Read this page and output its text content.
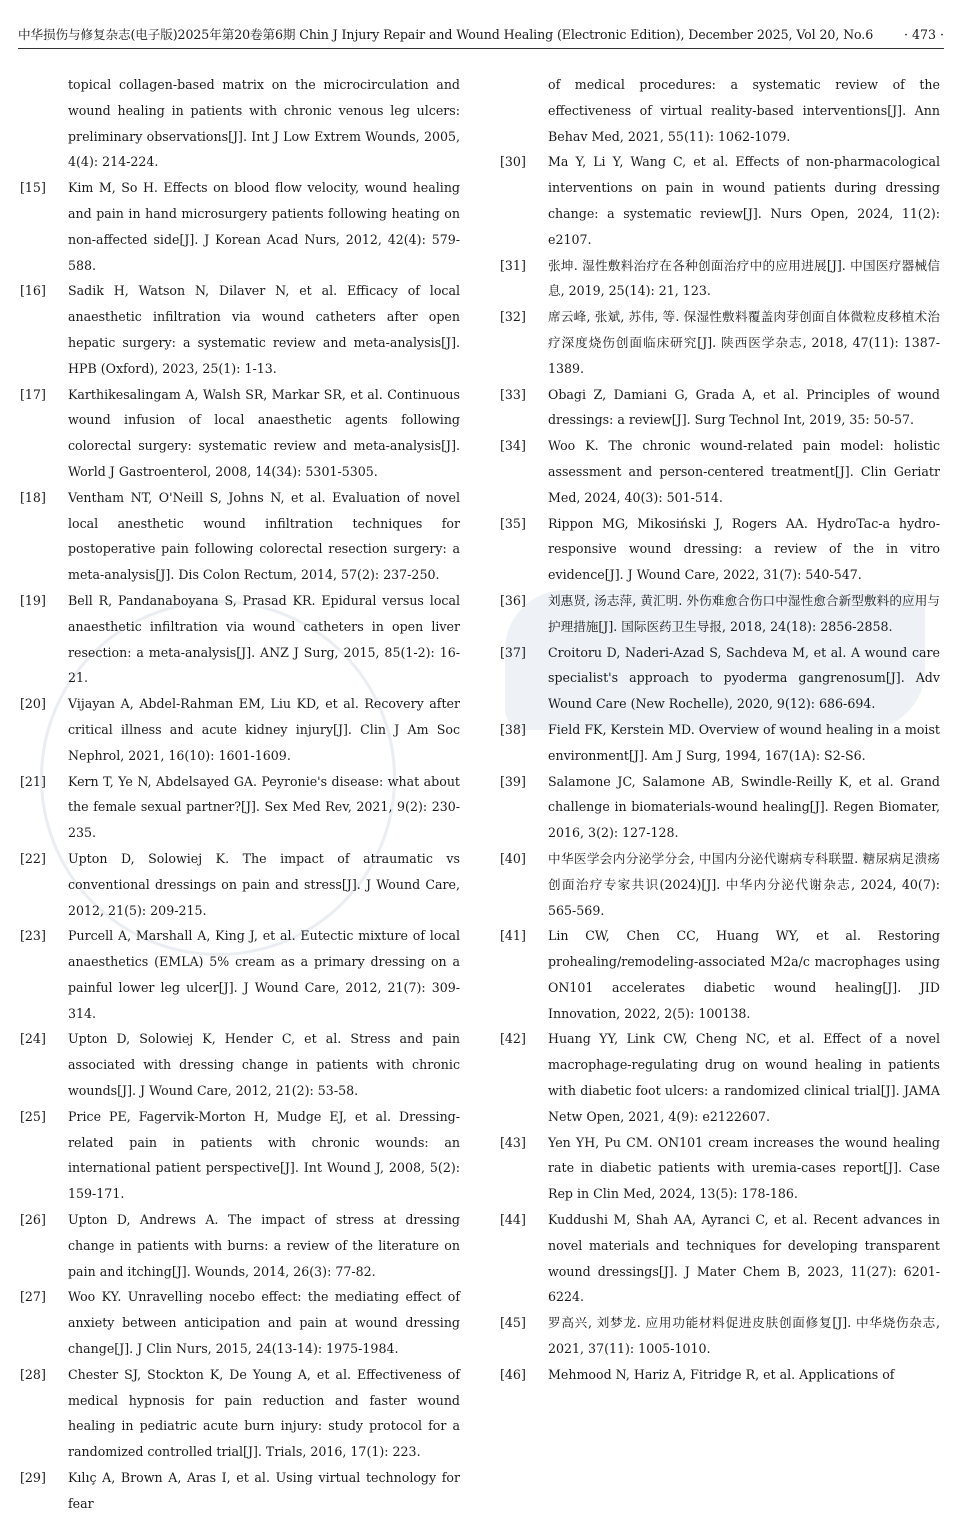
中华损伤与修复杂志(电子版)2025年第20卷第6期 Chin J Injury Repair and Wound Healing (Electronic Edition), December 2025, Vol 20, No.6 · 473 ·
topical collagen-based matrix on the microcirculation and wound healing in patients with chronic venous leg ulcers: preliminary observations[J]. Int J Low Extrem Wounds, 2005, 4(4): 214-224.
[15]	Kim M, So H. Effects on blood flow velocity, wound healing and pain in hand microsurgery patients following heating on non-affected side[J]. J Korean Acad Nurs, 2012, 42(4): 579-588.
[16]	Sadik H, Watson N, Dilaver N, et al. Efficacy of local anaesthetic infiltration via wound catheters after open hepatic surgery: a systematic review and meta-analysis[J]. HPB (Oxford), 2023, 25(1): 1-13.
[17]	Karthikesalingam A, Walsh SR, Markar SR, et al. Continuous wound infusion of local anaesthetic agents following colorectal surgery: systematic review and meta-analysis[J]. World J Gastroenterol, 2008, 14(34): 5301-5305.
[18]	Ventham NT, O'Neill S, Johns N, et al. Evaluation of novel local anesthetic wound infiltration techniques for postoperative pain following colorectal resection surgery: a meta-analysis[J]. Dis Colon Rectum, 2014, 57(2): 237-250.
[19]	Bell R, Pandanaboyana S, Prasad KR. Epidural versus local anaesthetic infiltration via wound catheters in open liver resection: a meta-analysis[J]. ANZ J Surg, 2015, 85(1-2): 16-21.
[20]	Vijayan A, Abdel-Rahman EM, Liu KD, et al. Recovery after critical illness and acute kidney injury[J]. Clin J Am Soc Nephrol, 2021, 16(10): 1601-1609.
[21]	Kern T, Ye N, Abdelsayed GA. Peyronie's disease: what about the female sexual partner?[J]. Sex Med Rev, 2021, 9(2): 230-235.
[22]	Upton D, Solowiej K. The impact of atraumatic vs conventional dressings on pain and stress[J]. J Wound Care, 2012, 21(5): 209-215.
[23]	Purcell A, Marshall A, King J, et al. Eutectic mixture of local anaesthetics (EMLA) 5% cream as a primary dressing on a painful lower leg ulcer[J]. J Wound Care, 2012, 21(7): 309-314.
[24]	Upton D, Solowiej K, Hender C, et al. Stress and pain associated with dressing change in patients with chronic wounds[J]. J Wound Care, 2012, 21(2): 53-58.
[25]	Price PE, Fagervik-Morton H, Mudge EJ, et al. Dressing-related pain in patients with chronic wounds: an international patient perspective[J]. Int Wound J, 2008, 5(2): 159-171.
[26]	Upton D, Andrews A. The impact of stress at dressing change in patients with burns: a review of the literature on pain and itching[J]. Wounds, 2014, 26(3): 77-82.
[27]	Woo KY. Unravelling nocebo effect: the mediating effect of anxiety between anticipation and pain at wound dressing change[J]. J Clin Nurs, 2015, 24(13-14): 1975-1984.
[28]	Chester SJ, Stockton K, De Young A, et al. Effectiveness of medical hypnosis for pain reduction and faster wound healing in pediatric acute burn injury: study protocol for a randomized controlled trial[J]. Trials, 2016, 17(1): 223.
[29]	Kılıç A, Brown A, Aras I, et al. Using virtual technology for fear
of medical procedures: a systematic review of the effectiveness of virtual reality-based interventions[J]. Ann Behav Med, 2021, 55(11): 1062-1079.
[30]	Ma Y, Li Y, Wang C, et al. Effects of non-pharmacological interventions on pain in wound patients during dressing change: a systematic review[J]. Nurs Open, 2024, 11(2): e2107.
[31]	张坤. 湿性敷料治疗在各种创面治疗中的应用进展[J]. 中国医疗器械信息, 2019, 25(14): 21, 123.
[32]	席云峰, 张斌, 苏伟, 等. 保湿性敷料覆盖肉芽创面自体微粒皮移植术治疗深度烧伤创面临床研究[J]. 陕西医学杂志, 2018, 47(11): 1387-1389.
[33]	Obagi Z, Damiani G, Grada A, et al. Principles of wound dressings: a review[J]. Surg Technol Int, 2019, 35: 50-57.
[34]	Woo K. The chronic wound-related pain model: holistic assessment and person-centered treatment[J]. Clin Geriatr Med, 2024, 40(3): 501-514.
[35]	Rippon MG, Mikosiński J, Rogers AA. HydroTac-a hydro-responsive wound dressing: a review of the in vitro evidence[J]. J Wound Care, 2022, 31(7): 540-547.
[36]	刘惠贤, 汤志萍, 黄汇明. 外伤难愈合伤口中湿性愈合新型敷料的应用与护理措施[J]. 国际医药卫生导报, 2018, 24(18): 2856-2858.
[37]	Croitoru D, Naderi-Azad S, Sachdeva M, et al. A wound care specialist's approach to pyoderma gangrenosum[J]. Adv Wound Care (New Rochelle), 2020, 9(12): 686-694.
[38]	Field FK, Kerstein MD. Overview of wound healing in a moist environment[J]. Am J Surg, 1994, 167(1A): S2-S6.
[39]	Salamone JC, Salamone AB, Swindle-Reilly K, et al. Grand challenge in biomaterials-wound healing[J]. Regen Biomater, 2016, 3(2): 127-128.
[40]	中华医学会内分泌学分会, 中国内分泌代谢病专科联盟. 糖尿病足溃疡创面治疗专家共识(2024)[J]. 中华内分泌代谢杂志, 2024, 40(7): 565-569.
[41]	Lin CW, Chen CC, Huang WY, et al. Restoring prohealing/remodeling-associated M2a/c macrophages using ON101 accelerates diabetic wound healing[J]. JID Innovation, 2022, 2(5): 100138.
[42]	Huang YY, Link CW, Cheng NC, et al. Effect of a novel macrophage-regulating drug on wound healing in patients with diabetic foot ulcers: a randomized clinical trial[J]. JAMA Netw Open, 2021, 4(9): e2122607.
[43]	Yen YH, Pu CM. ON101 cream increases the wound healing rate in diabetic patients with uremia-cases report[J]. Case Rep in Clin Med, 2024, 13(5): 178-186.
[44]	Kuddushi M, Shah AA, Ayranci C, et al. Recent advances in novel materials and techniques for developing transparent wound dressings[J]. J Mater Chem B, 2023, 11(27): 6201-6224.
[45]	罗高兴, 刘梦龙. 应用功能材料促进皮肤创面修复[J]. 中华烧伤杂志, 2021, 37(11): 1005-1010.
[46]	Mehmood N, Hariz A, Fitridge R, et al. Applications of
